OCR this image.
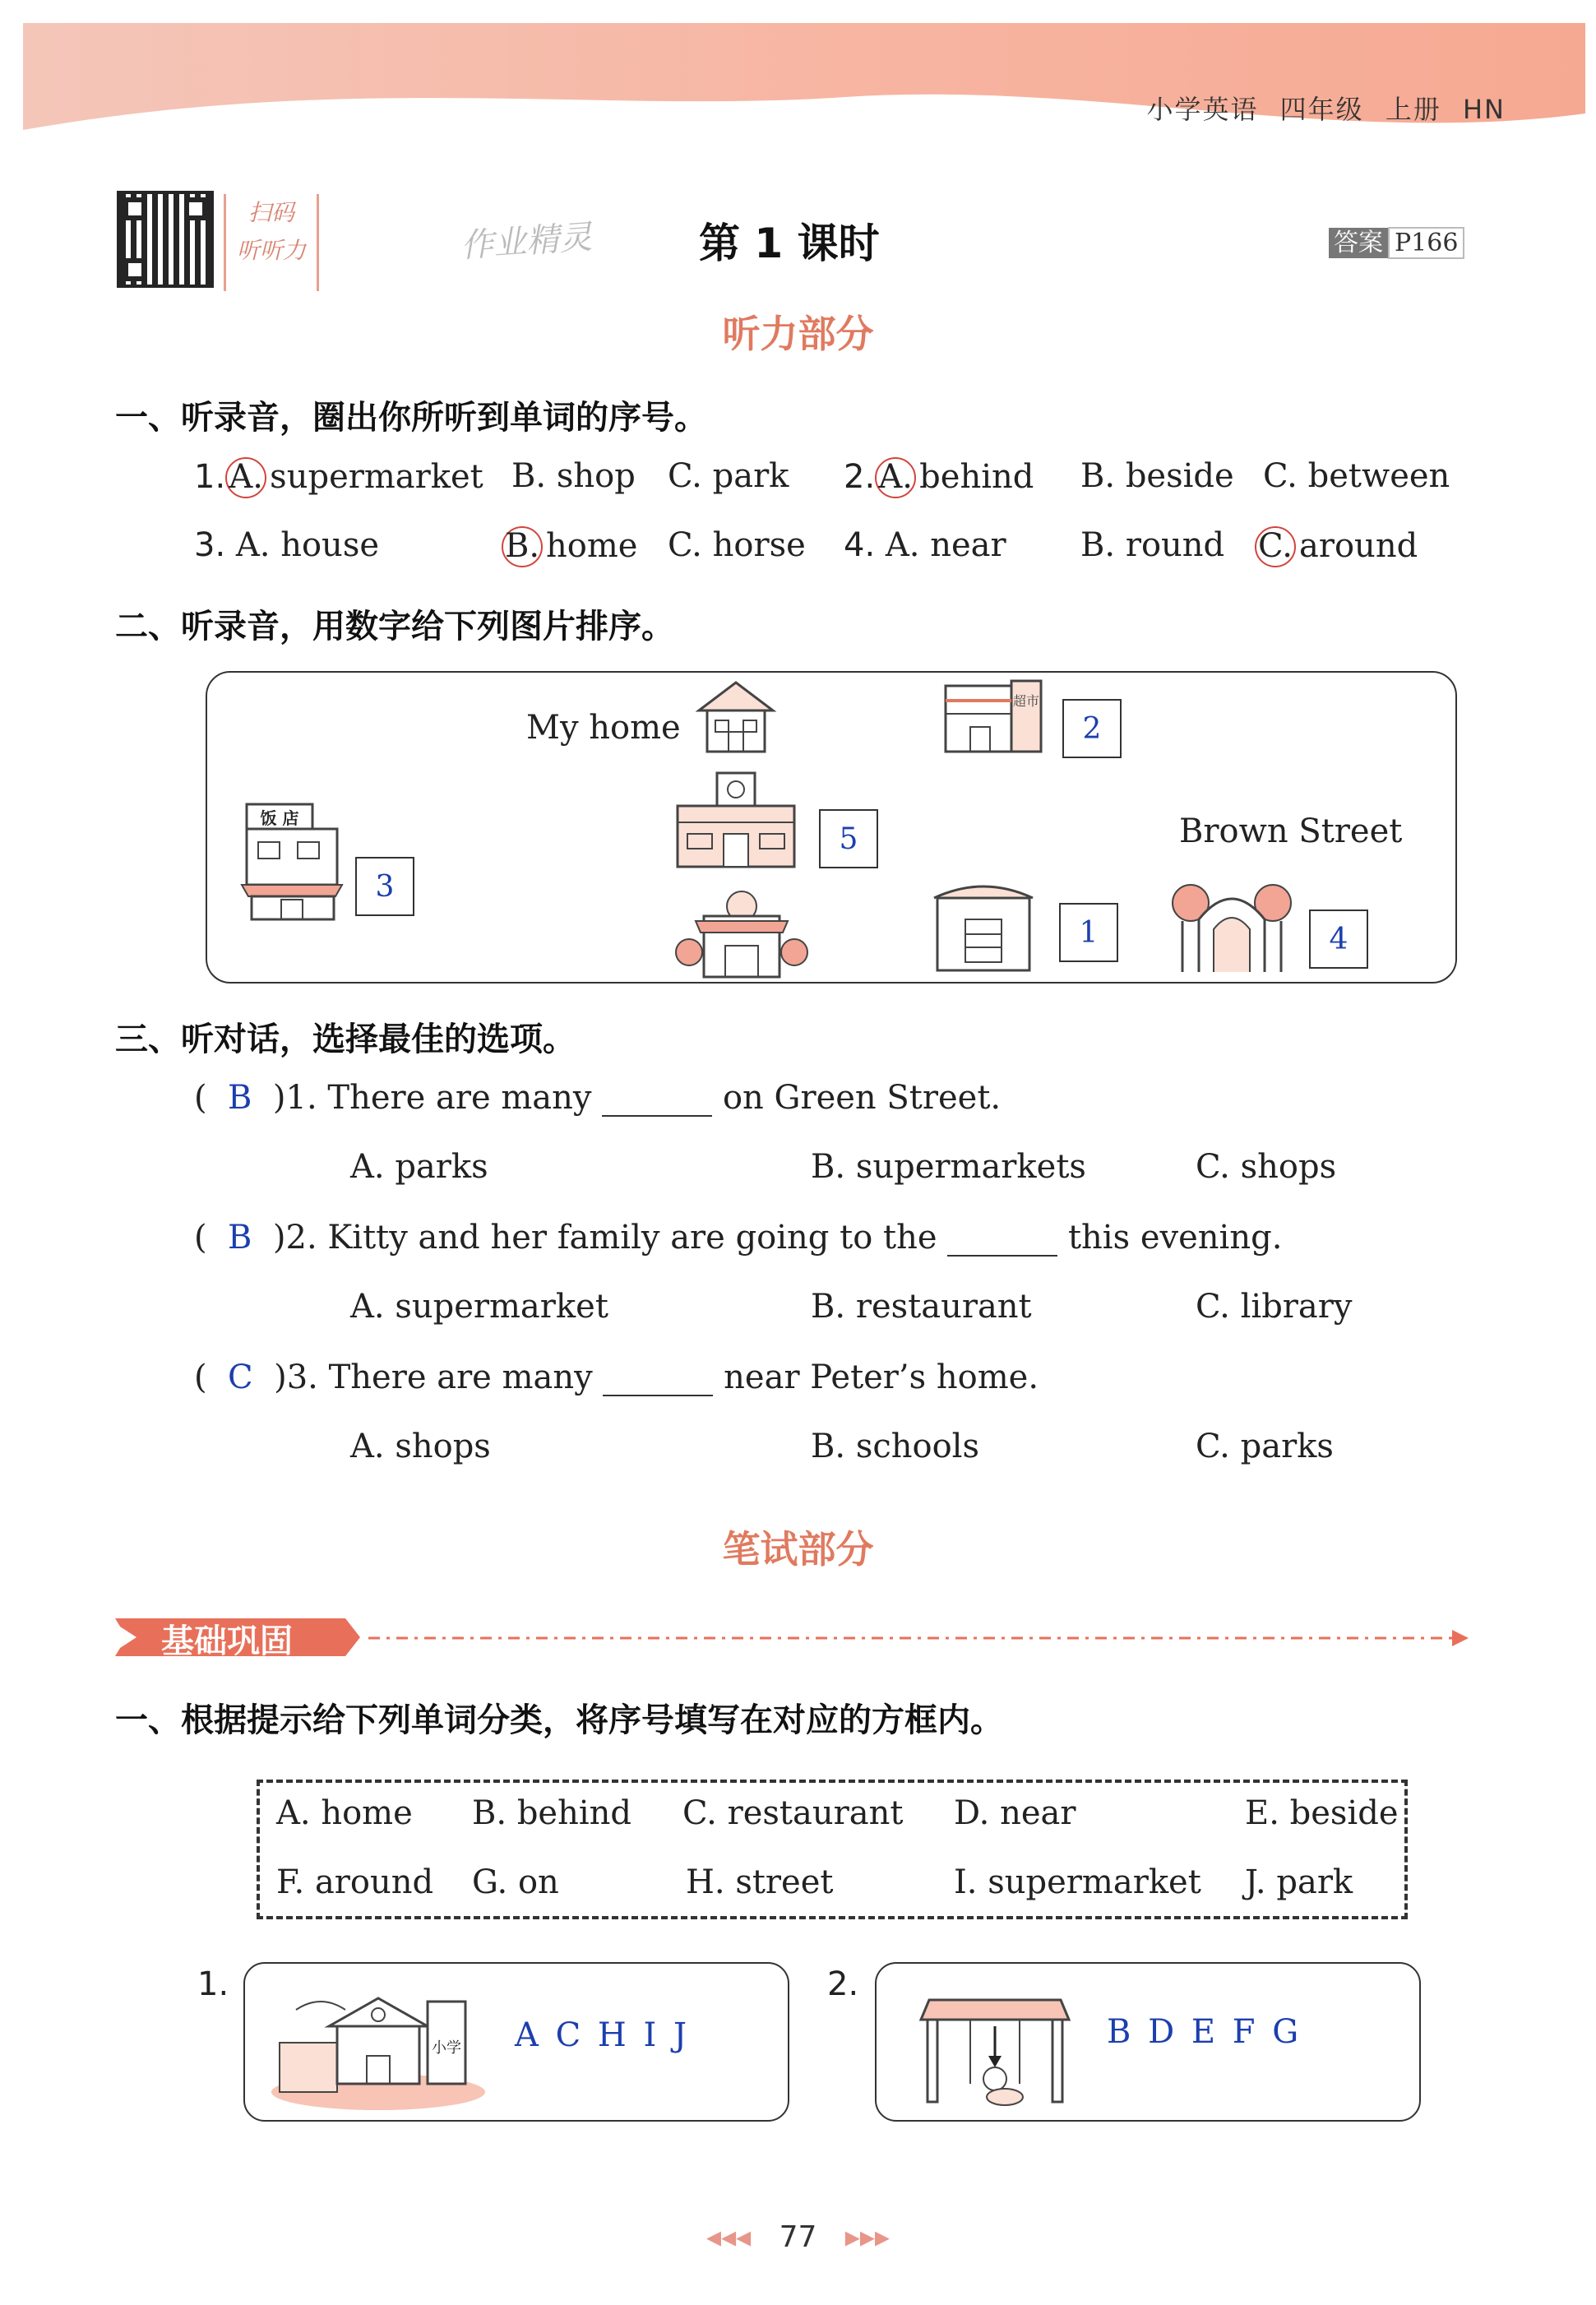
小学英语 四年级 上册 HN
扫码
听听力	作业精灵	第 1 课时	答案 P166
听力部分
一、听录音，圈出你所听到单词的序号。
1. A. supermarket B. shop C. park 2. A. behind B. beside C. between
3. A. house	B. home C. horse 4. A. near B. round C. around
二、听录音，用数字给下列图片排序。
My home
超市
2
饭 店
3
5
1
Brown Street
4
三、听对话，选择最佳的选项。
(  B )1. There are many	on Green Street.
A. parks	B. supermarkets	C. shops
(  B )2. Kitty and her family are going to the	this evening.
A. supermarket	B. restaurant	C. library
(  C )3. There are many	near Peter’s home.
A. shops	B. schools	C. parks
笔试部分
基础巩固
一、根据提示给下列单词分类，将序号填写在对应的方框内。
A. home B. behind C. restaurant D. near	E. beside
F. around G. on	H. street	I. supermarket J. park
1.
小学 A C H I J
2.
B D E F G
◂◂◂ 77 ▸▸▸
